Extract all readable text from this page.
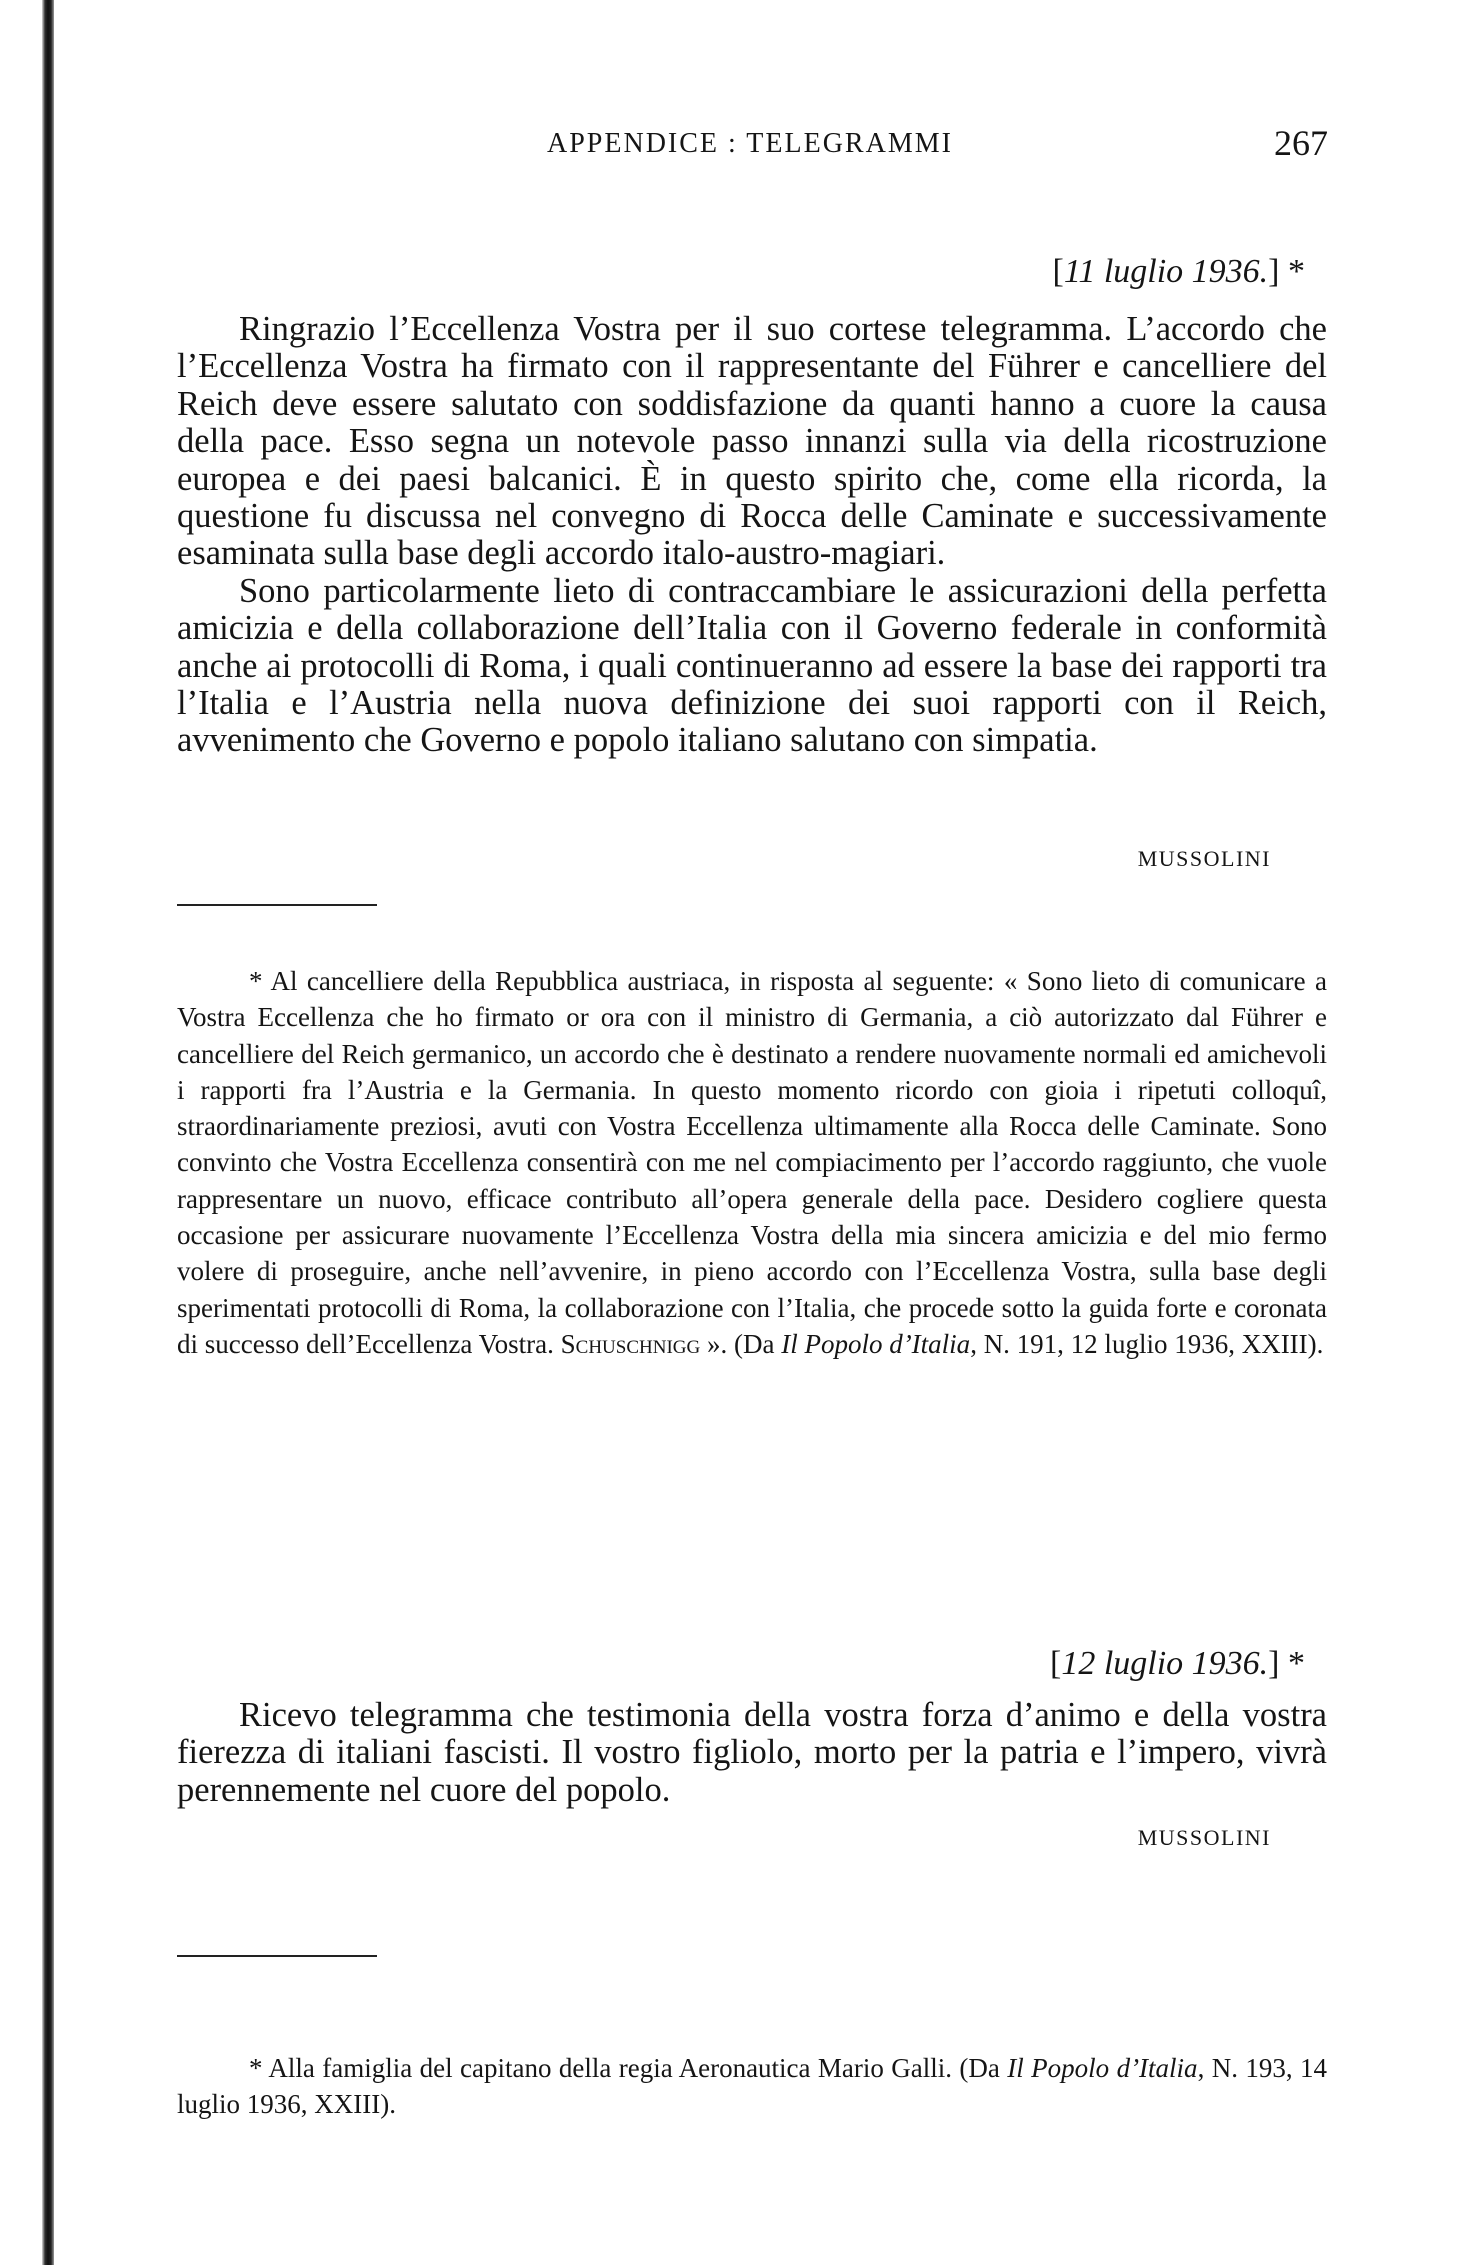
APPENDICE : TELEGRAMMI	267
[11 luglio 1936.] *

Ringrazio l’Eccellenza Vostra per il suo cortese telegramma. L’accordo che l’Eccellenza Vostra ha firmato con il rappresentante del Führer e cancelliere del Reich deve essere salutato con soddisfazione da quanti hanno a cuore la causa della pace. Esso segna un notevole passo innanzi sulla via della ricostruzione europea e dei paesi balcanici. È in questo spirito che, come ella ricorda, la questione fu discussa nel convegno di Rocca delle Caminate e successivamente esaminata sulla base degli accordo italo-austro-magiari.

Sono particolarmente lieto di contraccambiare le assicurazioni della perfetta amicizia e della collaborazione dell’Italia con il Governo federale in conformità anche ai protocolli di Roma, i quali continueranno ad essere la base dei rapporti tra l’Italia e l’Austria nella nuova definizione dei suoi rapporti con il Reich, avvenimento che Governo e popolo italiano salutano con simpatia.

MUSSOLINI

* Al cancelliere della Repubblica austriaca, in risposta al seguente: « Sono lieto di comunicare a Vostra Eccellenza che ho firmato or ora con il ministro di Germania, a ciò autorizzato dal Führer e cancelliere del Reich germanico, un accordo che è destinato a rendere nuovamente normali ed amichevoli i rapporti fra l’Austria e la Germania. In questo momento ricordo con gioia i ripetuti colloquî, straordinariamente preziosi, avuti con Vostra Eccellenza ultimamente alla Rocca delle Caminate. Sono convinto che Vostra Eccellenza consentirà con me nel compiacimento per l’accordo raggiunto, che vuole rappresentare un nuovo, efficace contributo all’opera generale della pace. Desidero cogliere questa occasione per assicurare nuovamente l’Eccellenza Vostra della mia sincera amicizia e del mio fermo volere di proseguire, anche nell’avvenire, in pieno accordo con l’Eccellenza Vostra, sulla base degli sperimentati protocolli di Roma, la collaborazione con l’Italia, che procede sotto la guida forte e coronata di successo dell’Eccellenza Vostra. Schuschnigg ». (Da Il Popolo d’Italia, N. 191, 12 luglio 1936, XXIII).

[12 luglio 1936.] *

Ricevo telegramma che testimonia della vostra forza d’animo e della vostra fierezza di italiani fascisti. Il vostro figliolo, morto per la patria e l’impero, vivrà perennemente nel cuore del popolo.

MUSSOLINI

* Alla famiglia del capitano della regia Aeronautica Mario Galli. (Da Il Popolo d’Italia, N. 193, 14 luglio 1936, XXIII).
